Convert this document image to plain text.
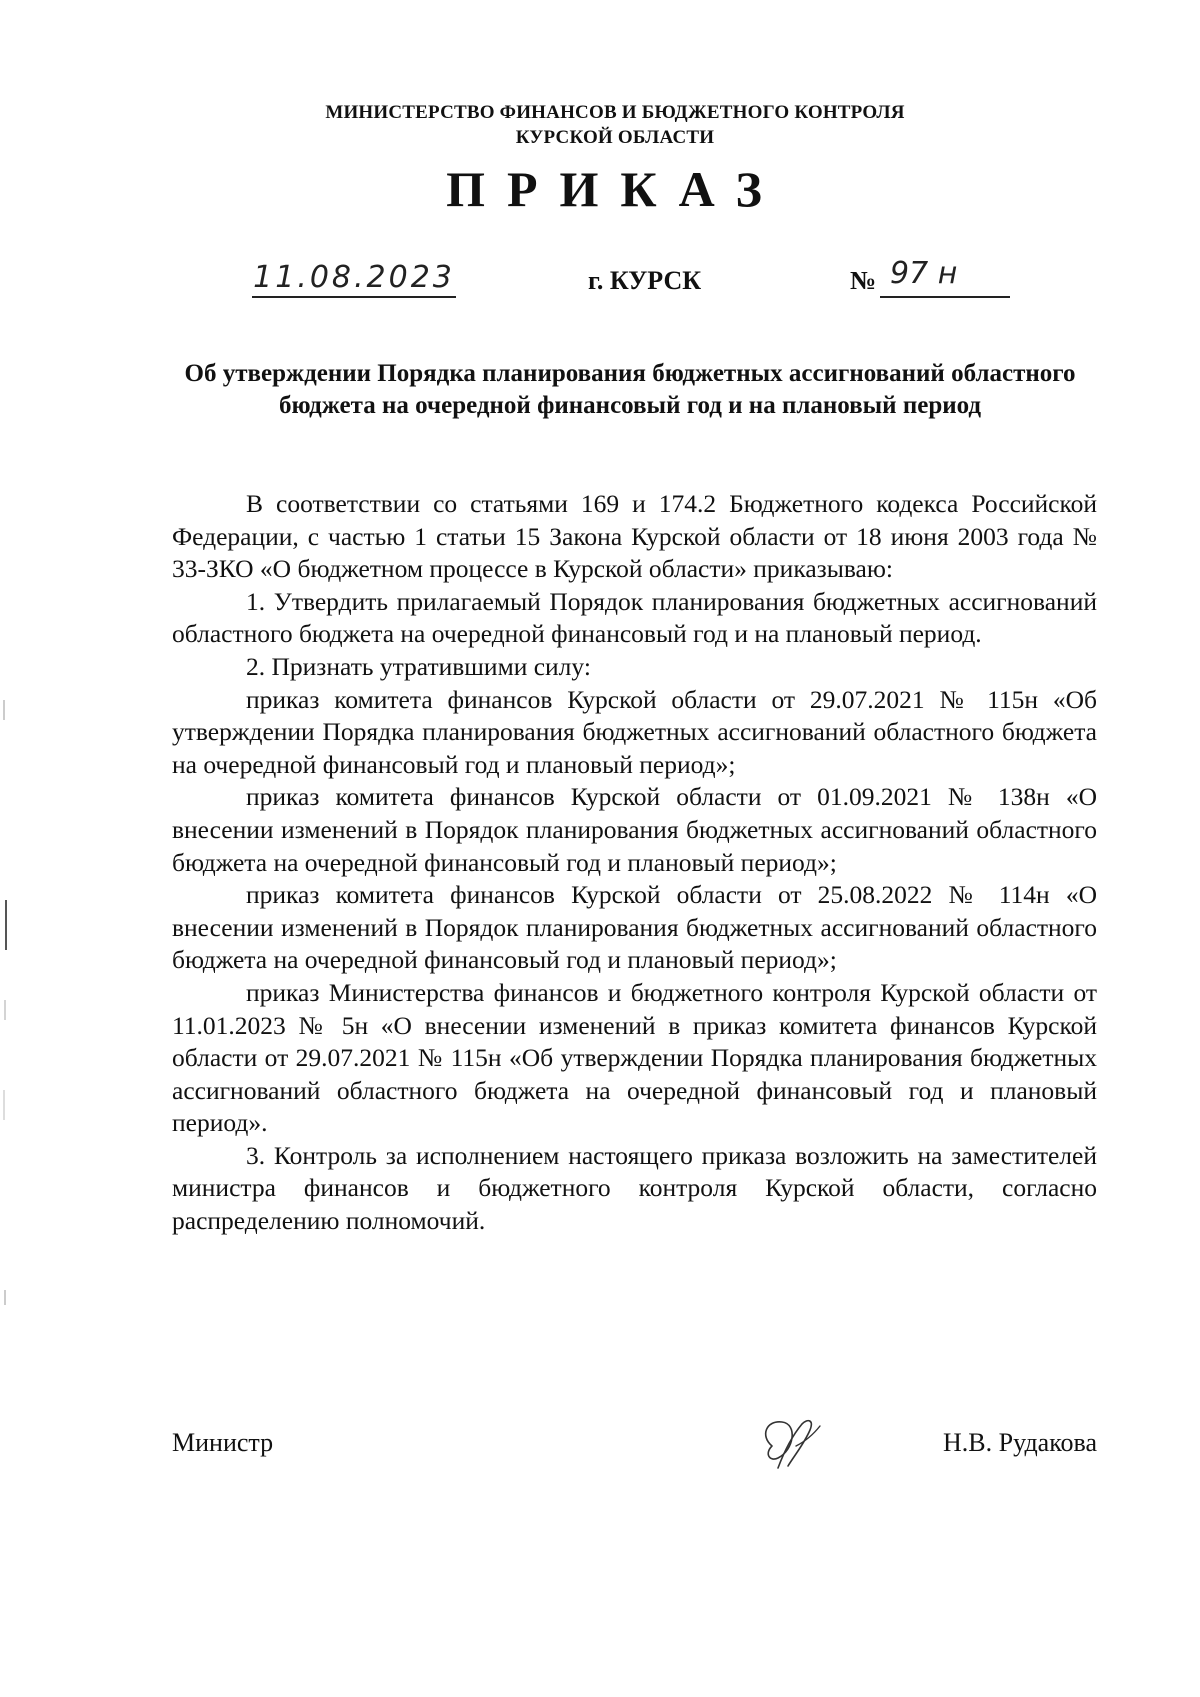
МИНИСТЕРСТВО ФИНАНСОВ И БЮДЖЕТНОГО КОНТРОЛЯ
КУРСКОЙ ОБЛАСТИ
ПРИКАЗ
11.08.2023	г. КУРСК	№ 97 н
Об утверждении Порядка планирования бюджетных ассигнований областного бюджета на очередной финансовый год и на плановый период

В соответствии со статьями 169 и 174.2 Бюджетного кодекса Российской Федерации, с частью 1 статьи 15 Закона Курской области от 18 июня 2003 года № 33-ЗКО «О бюджетном процессе в Курской области» приказываю:

1. Утвердить прилагаемый Порядок планирования бюджетных ассигнований областного бюджета на очередной финансовый год и на плановый период.

2. Признать утратившими силу:

приказ комитета финансов Курской области от 29.07.2021 № 115н «Об утверждении Порядка планирования бюджетных ассигнований областного бюджета на очередной финансовый год и плановый период»;

приказ комитета финансов Курской области от 01.09.2021 № 138н «О внесении изменений в Порядок планирования бюджетных ассигнований областного бюджета на очередной финансовый год и плановый период»;

приказ комитета финансов Курской области от 25.08.2022 № 114н «О внесении изменений в Порядок планирования бюджетных ассигнований областного бюджета на очередной финансовый год и плановый период»;

приказ Министерства финансов и бюджетного контроля Курской области от 11.01.2023 № 5н «О внесении изменений в приказ комитета финансов Курской области от 29.07.2021 № 115н «Об утверждении Порядка планирования бюджетных ассигнований областного бюджета на очередной финансовый год и плановый период».

3. Контроль за исполнением настоящего приказа возложить на заместителей министра финансов и бюджетного контроля Курской области, согласно распределению полномочий.

Министр	Н.В. Рудакова
